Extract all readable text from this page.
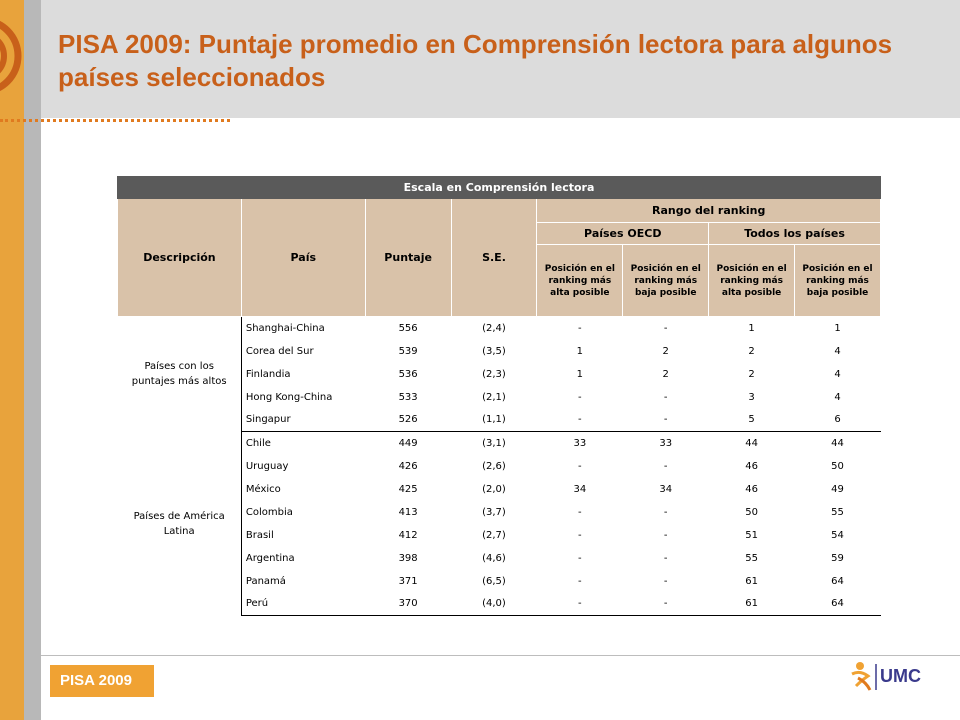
PISA 2009: Puntaje promedio en Comprensión lectora para algunos países seleccionados
Escala en Comprensión lectora							
Descripción	País	Puntaje	S.E.	Rango del ranking			
				Países OECD		Todos los países	
				Posición en el ranking más alta posible	Posición en el ranking más baja posible	Posición en el ranking más alta posible	Posición en el ranking más baja posible
Países con los puntajes más altos	Shanghai-China	556	(2,4)	-	-	1	1
	Corea del Sur	539	(3,5)	1	2	2	4
	Finlandia	536	(2,3)	1	2	2	4
	Hong Kong-China	533	(2,1)	-	-	3	4
	Singapur	526	(1,1)	-	-	5	6
Países de América Latina	Chile	449	(3,1)	33	33	44	44
	Uruguay	426	(2,6)	-	-	46	50
	México	425	(2,0)	34	34	46	49
	Colombia	413	(3,7)	-	-	50	55
	Brasil	412	(2,7)	-	-	51	54
	Argentina	398	(4,6)	-	-	55	59
	Panamá	371	(6,5)	-	-	61	64
	Perú	370	(4,0)	-	-	61	64
PISA 2009	UMC
